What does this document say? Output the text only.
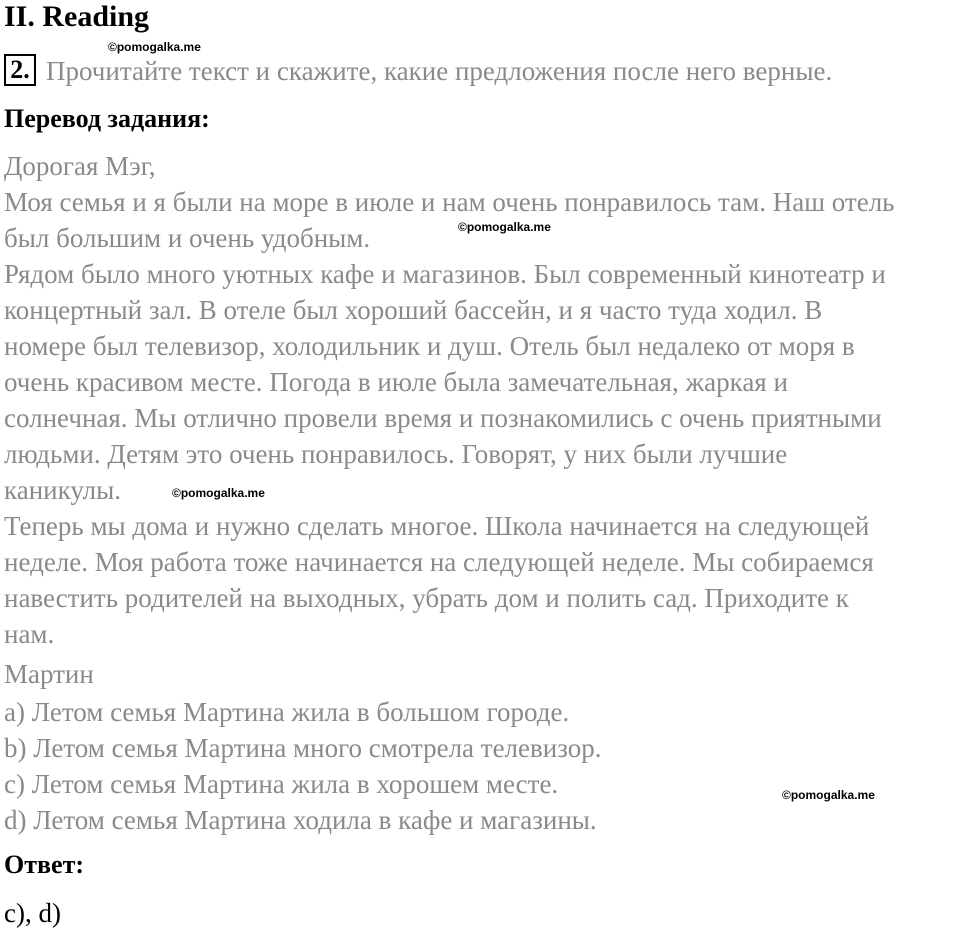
II. Reading
©pomogalka.me
2. Прочитайте текст и скажите, какие предложения после него верные.
Перевод задания:
Дорогая Мэг,
Моя семья и я были на море в июле и нам очень понравилось там. Наш отель
был большим и очень удобным.
Рядом было много уютных кафе и магазинов. Был современный кинотеатр и
концертный зал. В отеле был хороший бассейн, и я часто туда ходил. В
номере был телевизор, холодильник и душ. Отель был недалеко от моря в
очень красивом месте. Погода в июле была замечательная, жаркая и
солнечная. Мы отлично провели время и познакомились с очень приятными
людьми. Детям это очень понравилось. Говорят, у них были лучшие
каникулы.
Теперь мы дома и нужно сделать многое. Школа начинается на следующей
неделе. Моя работа тоже начинается на следующей неделе. Мы собираемся
навестить родителей на выходных, убрать дом и полить сад. Приходите к
нам.
Мартин
©pomogalka.me
©pomogalka.me
a) Летом семья Мартина жила в большом городе.
b) Летом семья Мартина много смотрела телевизор.
c) Летом семья Мартина жила в хорошем месте.
d) Летом семья Мартина ходила в кафе и магазины.
©pomogalka.me
Ответ:
c), d)
